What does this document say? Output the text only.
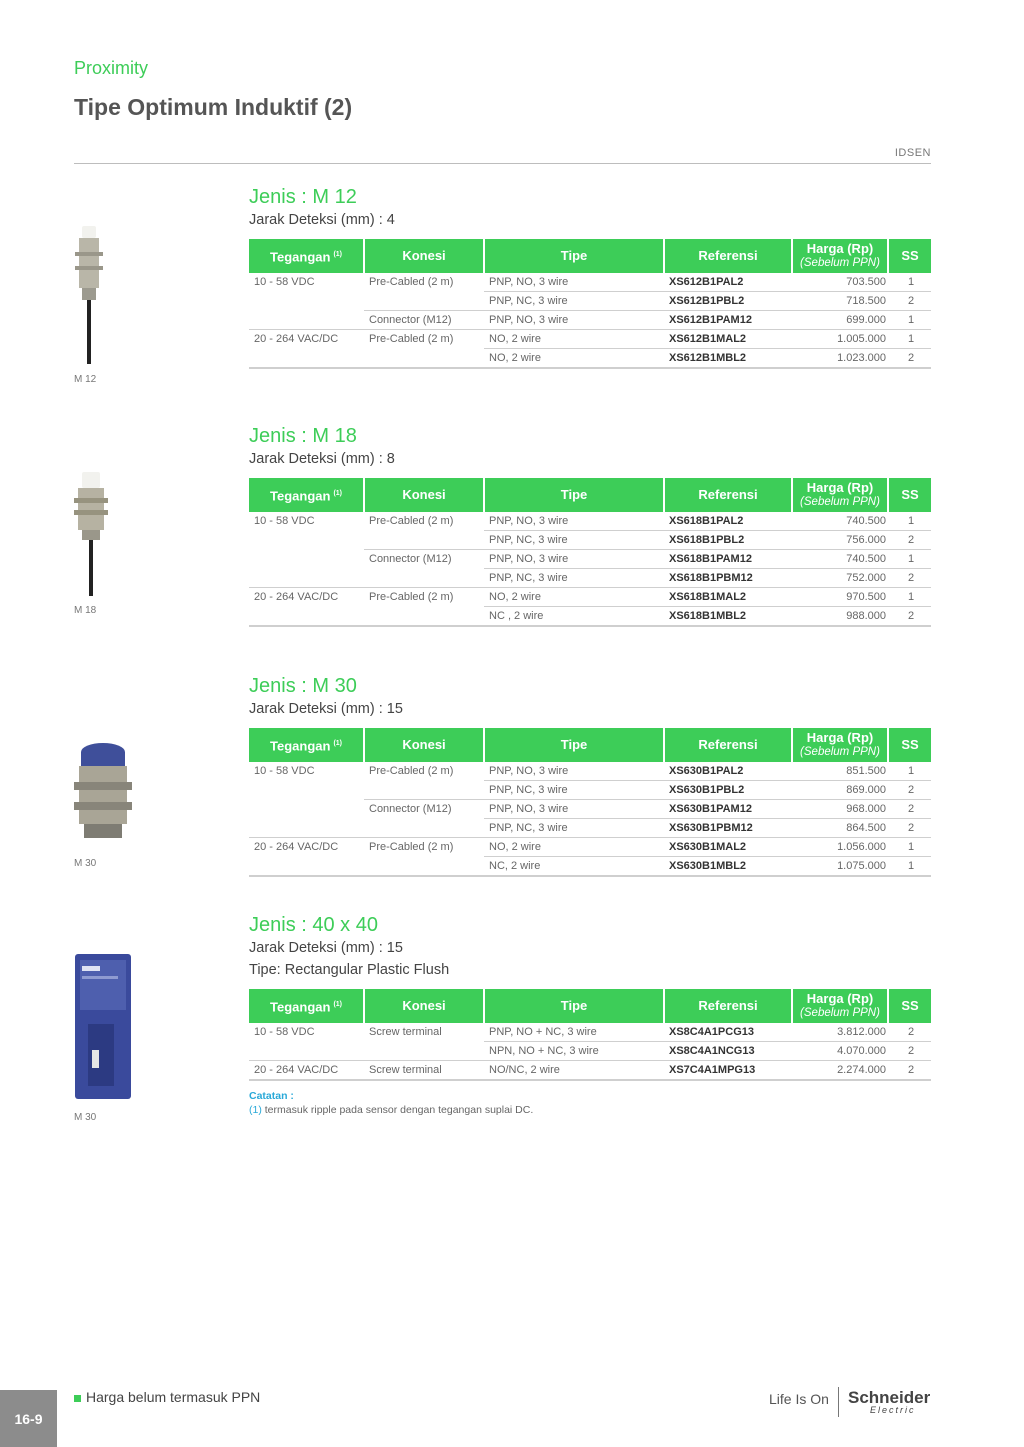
Proximity
Tipe Optimum Induktif (2)
IDSEN
M 12
M 18
M 30
M 30
Jenis : M 12
Jarak Deteksi (mm) : 4
Tegangan $^{(1)}$	Konesi	Tipe	Referensi	Harga (Rp)
(Sebelum PPN)	SS
10 - 58 VDC	Pre-Cabled (2 m)	PNP, NO, 3 wire	XS612B1PAL2	703.500	1
		PNP, NC, 3 wire	XS612B1PBL2	718.500	2
	Connector (M12)	PNP, NO, 3 wire	XS612B1PAM12	699.000	1
20 - 264 VAC/DC	Pre-Cabled (2 m)	NO, 2 wire	XS612B1MAL2	1.005.000	1
		NO, 2 wire	XS612B1MBL2	1.023.000	2
Jenis : M 18
Jarak Deteksi (mm) : 8
Tegangan $^{(1)}$	Konesi	Tipe	Referensi	Harga (Rp)
(Sebelum PPN)	SS
10 - 58 VDC	Pre-Cabled (2 m)	PNP, NO, 3 wire	XS618B1PAL2	740.500	1
		PNP, NC, 3 wire	XS618B1PBL2	756.000	2
	Connector (M12)	PNP, NO, 3 wire	XS618B1PAM12	740.500	1
		PNP, NC, 3 wire	XS618B1PBM12	752.000	2
20 - 264 VAC/DC	Pre-Cabled (2 m)	NO, 2 wire	XS618B1MAL2	970.500	1
		NC , 2 wire	XS618B1MBL2	988.000	2
Jenis : M 30
Jarak Deteksi (mm) : 15
Tegangan $^{(1)}$	Konesi	Tipe	Referensi	Harga (Rp)
(Sebelum PPN)	SS
10 - 58 VDC	Pre-Cabled (2 m)	PNP, NO, 3 wire	XS630B1PAL2	851.500	1
		PNP, NC, 3 wire	XS630B1PBL2	869.000	2
	Connector (M12)	PNP, NO, 3 wire	XS630B1PAM12	968.000	2
		PNP, NC, 3 wire	XS630B1PBM12	864.500	2
20 - 264 VAC/DC	Pre-Cabled (2 m)	NO, 2 wire	XS630B1MAL2	1.056.000	1
		NC, 2 wire	XS630B1MBL2	1.075.000	1
Jenis : 40 x 40
Jarak Deteksi (mm) : 15
Tipe: Rectangular Plastic Flush
Tegangan $^{(1)}$	Konesi	Tipe	Referensi	Harga (Rp)
(Sebelum PPN)	SS
10 - 58 VDC	Screw terminal	PNP, NO + NC, 3 wire	XS8C4A1PCG13	3.812.000	2
		NPN, NO + NC, 3 wire	XS8C4A1NCG13	4.070.000	2
20 - 264 VAC/DC	Screw terminal	NO/NC, 2 wire	XS7C4A1MPG13	2.274.000	2
Catatan :
(1) termasuk ripple pada sensor dengan tegangan suplai DC.
16-9
Harga belum termasuk PPN	Life Is On Schneider
Electric
